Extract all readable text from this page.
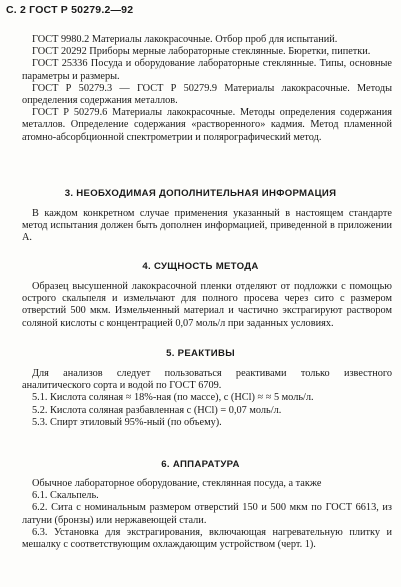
С. 2 ГОСТ Р 50279.2—92

ГОСТ 9980.2 Материалы лакокрасочные. Отбор проб для испытаний.

ГОСТ 20292 Приборы мерные лабораторные стеклянные. Бюретки, пипетки.

ГОСТ 25336 Посуда и оборудование лабораторные стеклянные. Типы, основные параметры и размеры.

ГОСТ Р 50279.3 — ГОСТ Р 50279.9 Материалы лакокрасочные. Методы определения содержания металлов.

ГОСТ Р 50279.6 Материалы лакокрасочные. Методы определения содержания металлов. Определение содержания «растворенного» кадмия. Метод пламенной атомно-абсорбционной спектрометрии и полярографический метод.

3. НЕОБХОДИМАЯ ДОПОЛНИТЕЛЬНАЯ ИНФОРМАЦИЯ

В каждом конкретном случае применения указанный в настоящем стандарте метод испытания должен быть дополнен информацией, приведенной в приложении А.

4. СУЩНОСТЬ МЕТОДА

Образец высушенной лакокрасочной пленки отделяют от подложки с помощью острого скальпеля и измельчают для полного просева через сито с размером отверстий 500 мкм. Измельченный материал и частично экстрагируют раствором соляной кислоты с концентрацией 0,07 моль/л при заданных условиях.

5. РЕАКТИВЫ

Для анализов следует пользоваться реактивами только известного аналитического сорта и водой по ГОСТ 6709.

5.1. Кислота соляная ≈ 18%-ная (по массе), с (HCl) ≈ ≈ 5 моль/л.

5.2. Кислота соляная разбавленная с (HCl) = 0,07 моль/л.

5.3. Спирт этиловый 95%-ный (по объему).

6. АППАРАТУРА

Обычное лабораторное оборудование, стеклянная посуда, а также

6.1. Скальпель.

6.2. Сита с номинальным размером отверстий 150 и 500 мкм по ГОСТ 6613, из латуни (бронзы) или нержавеющей стали.

6.3. Установка для экстрагирования, включающая нагревательную плитку и мешалку с соответствующим охлаждающим устройством (черт. 1).
